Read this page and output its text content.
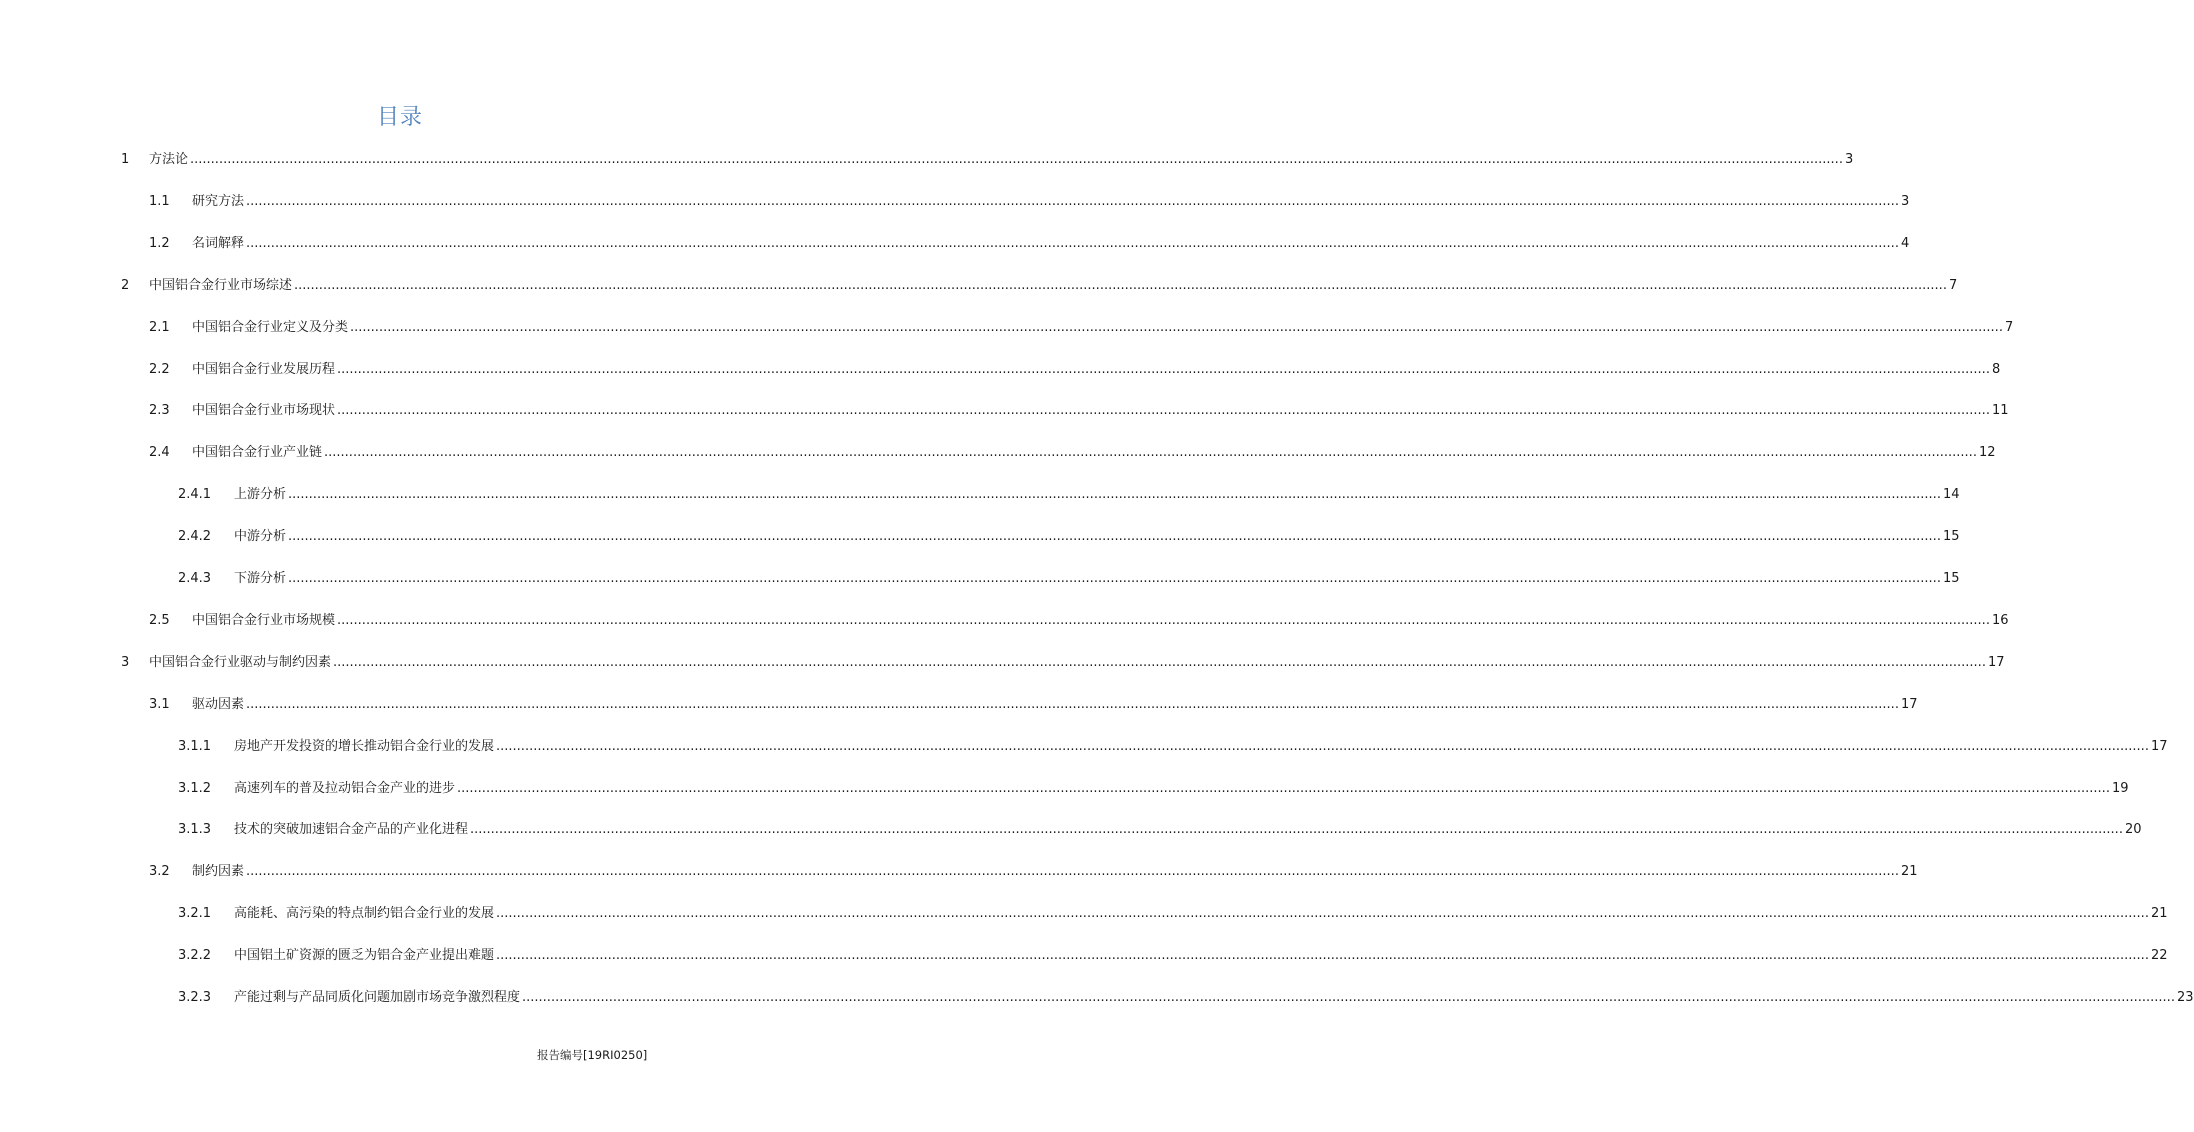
目录
1 方法论 ................................................................................................................................................................................................................................................................................................................................................................................................................ 3
1.1 研究方法 ................................................................................................................................................................................................................................................................................................................................................................................................................ 3
1.2 名词解释 ................................................................................................................................................................................................................................................................................................................................................................................................................ 4
2 中国铝合金行业市场综述 ................................................................................................................................................................................................................................................................................................................................................................................................................ 7
2.1 中国铝合金行业定义及分类 ................................................................................................................................................................................................................................................................................................................................................................................................................ 7
2.2 中国铝合金行业发展历程 ................................................................................................................................................................................................................................................................................................................................................................................................................ 8
2.3 中国铝合金行业市场现状 ................................................................................................................................................................................................................................................................................................................................................................................................................ 11
2.4 中国铝合金行业产业链 ................................................................................................................................................................................................................................................................................................................................................................................................................ 12
2.4.1 上游分析 ................................................................................................................................................................................................................................................................................................................................................................................................................ 14
2.4.2 中游分析 ................................................................................................................................................................................................................................................................................................................................................................................................................ 15
2.4.3 下游分析 ................................................................................................................................................................................................................................................................................................................................................................................................................ 15
2.5 中国铝合金行业市场规模 ................................................................................................................................................................................................................................................................................................................................................................................................................ 16
3 中国铝合金行业驱动与制约因素 ................................................................................................................................................................................................................................................................................................................................................................................................................ 17
3.1 驱动因素 ................................................................................................................................................................................................................................................................................................................................................................................................................ 17
3.1.1 房地产开发投资的增长推动铝合金行业的发展 ................................................................................................................................................................................................................................................................................................................................................................................................................ 17
3.1.2 高速列车的普及拉动铝合金产业的进步 ................................................................................................................................................................................................................................................................................................................................................................................................................ 19
3.1.3 技术的突破加速铝合金产品的产业化进程 ................................................................................................................................................................................................................................................................................................................................................................................................................ 20
3.2 制约因素 ................................................................................................................................................................................................................................................................................................................................................................................................................ 21
3.2.1 高能耗、高污染的特点制约铝合金行业的发展 ................................................................................................................................................................................................................................................................................................................................................................................................................ 21
3.2.2 中国铝土矿资源的匮乏为铝合金产业提出难题 ................................................................................................................................................................................................................................................................................................................................................................................................................ 22
3.2.3 产能过剩与产品同质化问题加剧市场竞争激烈程度 ................................................................................................................................................................................................................................................................................................................................................................................................................ 23
报告编号[19RI0250]
